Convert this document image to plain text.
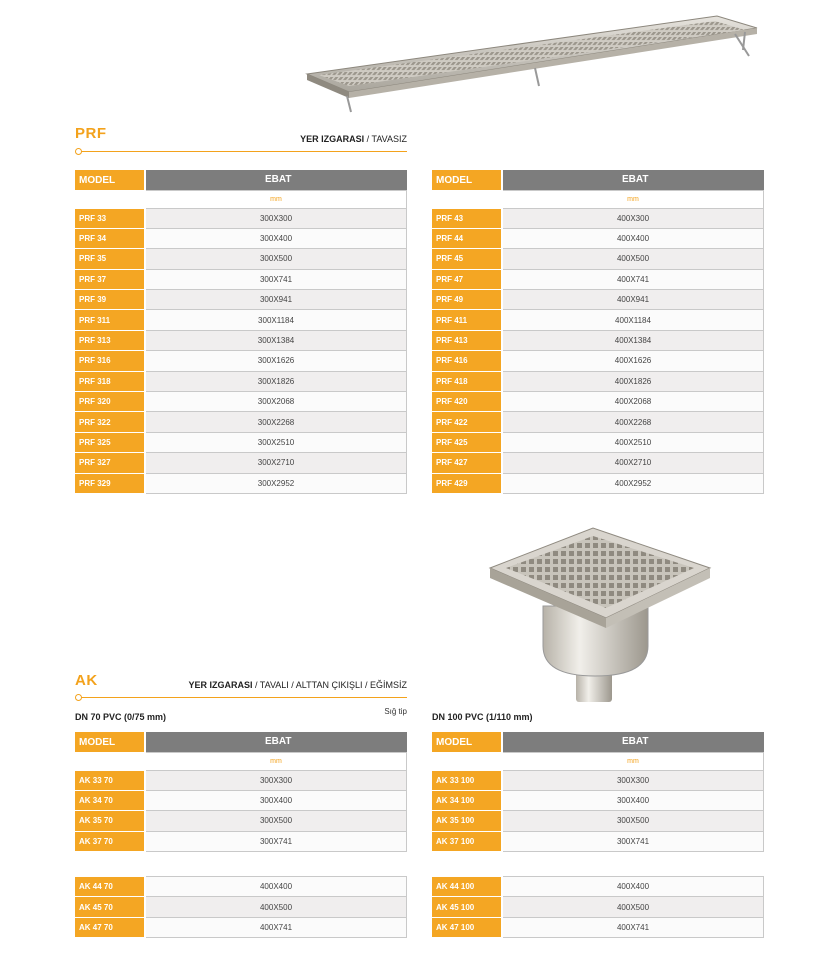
PRF	YER IZGARASI / TAVASIZ
MODEL	EBAT
	mm
PRF 33	300X300
PRF 34	300X400
PRF 35	300X500
PRF 37	300X741
PRF 39	300X941
PRF 311	300X1184
PRF 313	300X1384
PRF 316	300X1626
PRF 318	300X1826
PRF 320	300X2068
PRF 322	300X2268
PRF 325	300X2510
PRF 327	300X2710
PRF 329	300X2952
MODEL	EBAT
	mm
PRF 43	400X300
PRF 44	400X400
PRF 45	400X500
PRF 47	400X741
PRF 49	400X941
PRF 411	400X1184
PRF 413	400X1384
PRF 416	400X1626
PRF 418	400X1826
PRF 420	400X2068
PRF 422	400X2268
PRF 425	400X2510
PRF 427	400X2710
PRF 429	400X2952
AK	YER IZGARASI / TAVALI / ALTTAN ÇIKIŞLI / EĞİMSİZ
Sığ tip
DN 70 PVC (0/75 mm)	DN 100 PVC (1/110 mm)
MODEL	EBAT
	mm
AK 33 70	300X300
AK 34 70	300X400
AK 35 70	300X500
AK 37 70	300X741
MODEL	EBAT
	mm
AK 33 100	300X300
AK 34 100	300X400
AK 35 100	300X500
AK 37 100	300X741
AK 44 70	400X400
AK 45 70	400X500
AK 47 70	400X741
AK 44 100	400X400
AK 45 100	400X500
AK 47 100	400X741
